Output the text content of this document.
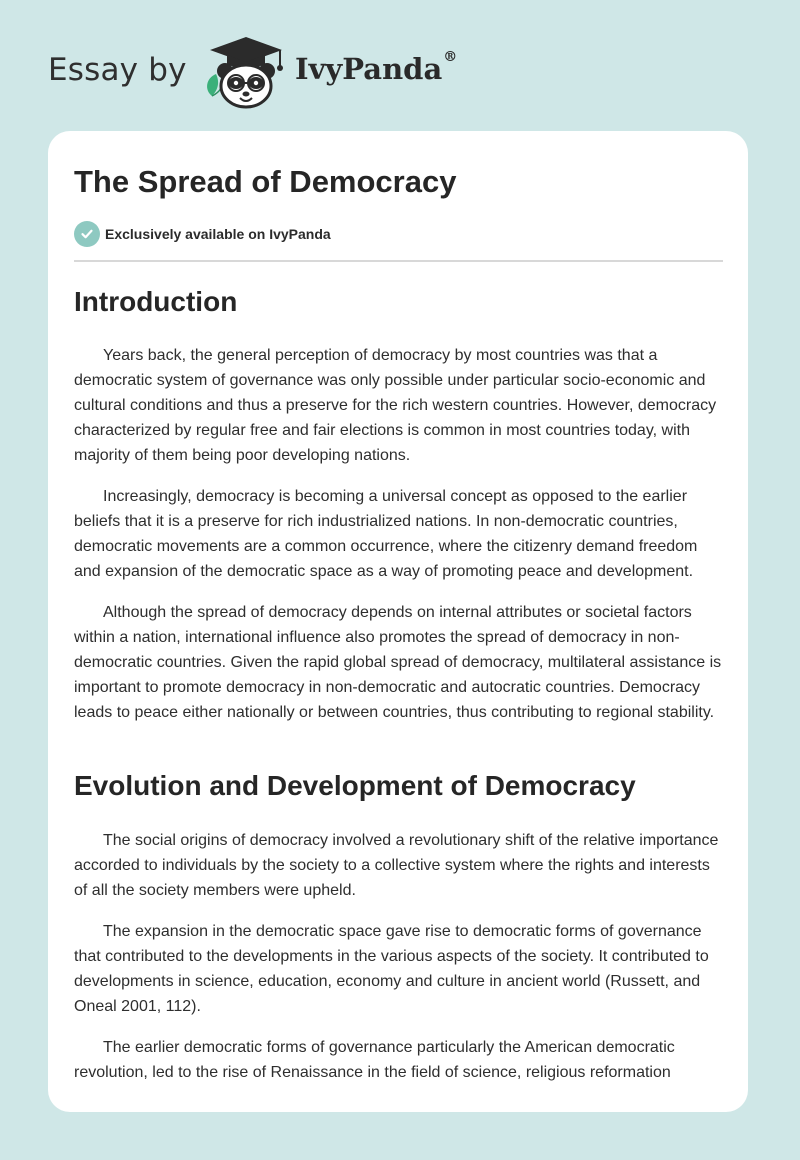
Essay by	IvyPanda®
The Spread of Democracy
Exclusively available on IvyPanda
Introduction

Years back, the general perception of democracy by most countries was that a democratic system of governance was only possible under particular socio-economic and cultural conditions and thus a preserve for the rich western countries. However, democracy characterized by regular free and fair elections is common in most countries today, with majority of them being poor developing nations.

Increasingly, democracy is becoming a universal concept as opposed to the earlier beliefs that it is a preserve for rich industrialized nations. In non-democratic countries, democratic movements are a common occurrence, where the citizenry demand freedom and expansion of the democratic space as a way of promoting peace and development.

Although the spread of democracy depends on internal attributes or societal factors within a nation, international influence also promotes the spread of democracy in non-democratic countries. Given the rapid global spread of democracy, multilateral assistance is important to promote democracy in non-democratic and autocratic countries. Democracy leads to peace either nationally or between countries, thus contributing to regional stability.

Evolution and Development of Democracy

The social origins of democracy involved a revolutionary shift of the relative importance accorded to individuals by the society to a collective system where the rights and interests of all the society members were upheld.

The expansion in the democratic space gave rise to democratic forms of governance that contributed to the developments in the various aspects of the society. It contributed to developments in science, education, economy and culture in ancient world (Russett, and Oneal 2001, 112).

The earlier democratic forms of governance particularly the American democratic revolution, led to the rise of Renaissance in the field of science, religious reformation
